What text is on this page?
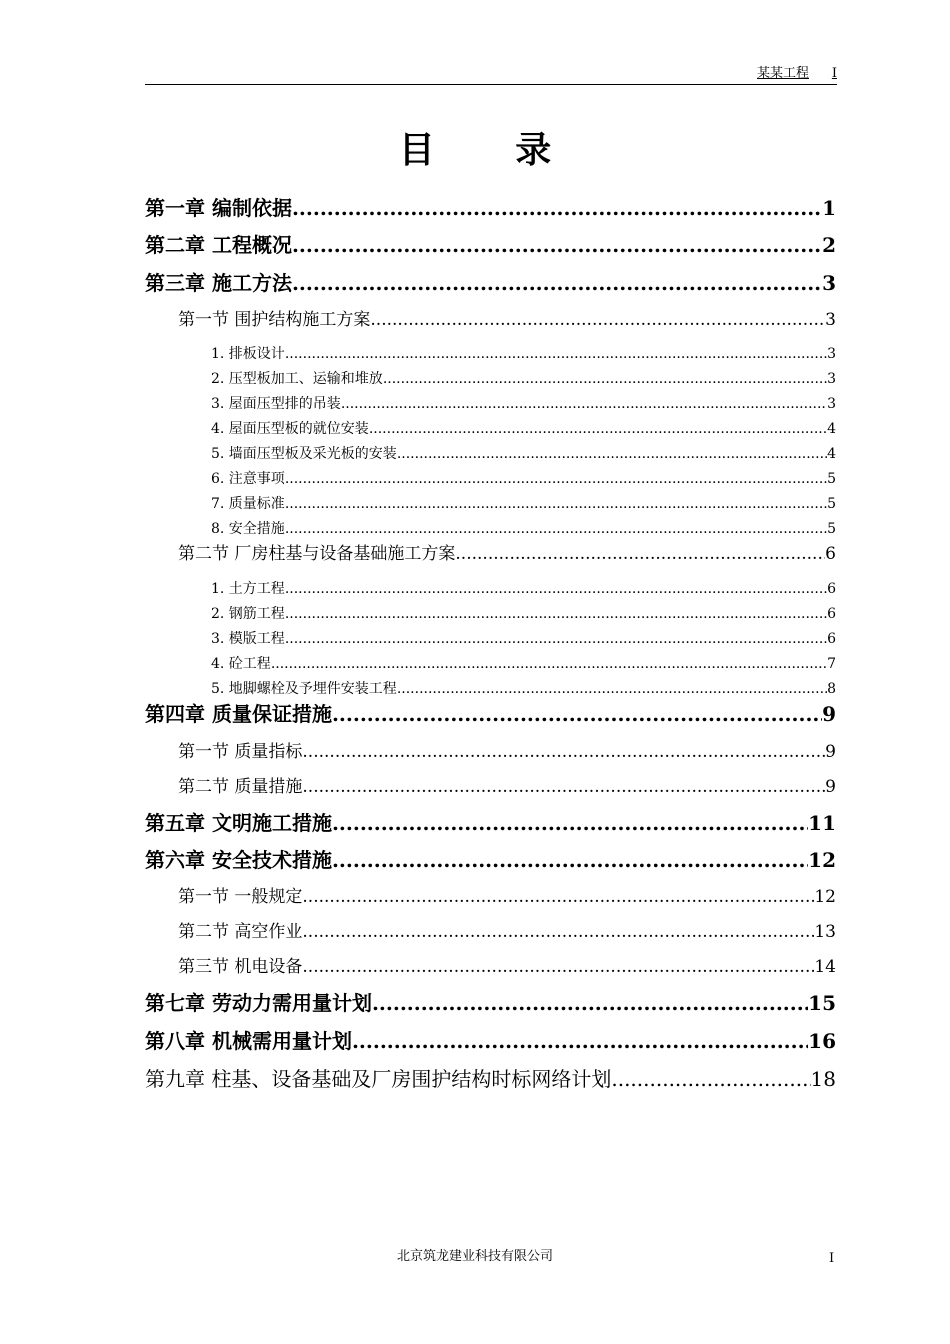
某某工程 I
目 录
第一章 编制依据 .....	1
第二章 工程概况 .....	2
第三章 施工方法 .....	3
第一节 围护结构施工方案 .....	3
1. 排板设计 .....	3
2. 压型板加工、运输和堆放 .....	3
3. 屋面压型排的吊装 .....	3
4. 屋面压型板的就位安装 .....	4
5. 墙面压型板及采光板的安装 .....	4
6. 注意事项 .....	5
7. 质量标准 .....	5
8. 安全措施 .....	5
第二节 厂房柱基与设备基础施工方案 .....	6
1. 土方工程 .....	6
2. 钢筋工程 .....	6
3. 模版工程 .....	6
4. 砼工程 .....	7
5. 地脚螺栓及予埋件安装工程 .....	8
第四章 质量保证措施 .....	9
第一节 质量指标 .....	9
第二节 质量措施 .....	9
第五章 文明施工措施 .....	11
第六章 安全技术措施 .....	12
第一节 一般规定 .....	12
第二节 高空作业 .....	13
第三节 机电设备 .....	14
第七章 劳动力需用量计划 .....	15
第八章 机械需用量计划 .....	16
第九章 柱基、设备基础及厂房围护结构时标网络计划 .....	18
北京筑龙建业科技有限公司	I
